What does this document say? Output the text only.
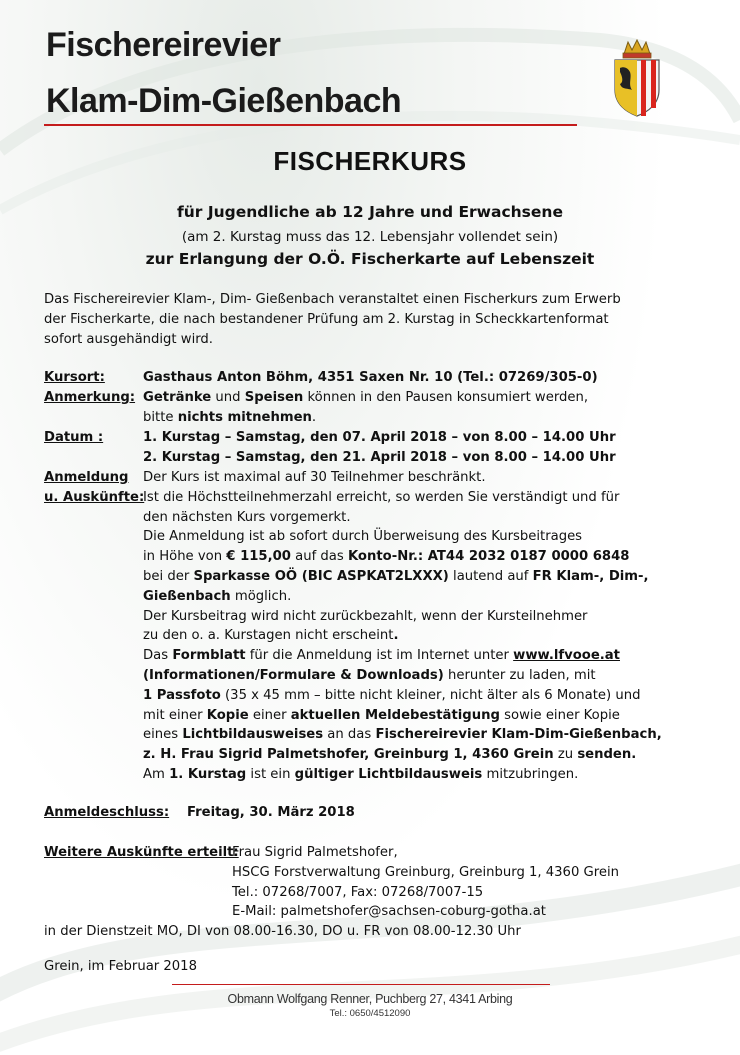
Fischereirevier
Klam-Dim-Gießenbach
FISCHERKURS
für Jugendliche ab 12 Jahre und Erwachsene
(am 2. Kurstag muss das 12. Lebensjahr vollendet sein)
zur Erlangung der O.Ö. Fischerkarte auf Lebenszeit
Das Fischereirevier Klam-, Dim- Gießenbach veranstaltet einen Fischerkurs zum Erwerb
der Fischerkarte, die nach bestandener Prüfung am 2. Kurstag in Scheckkartenformat
sofort ausgehändigt wird.
Kursort:	Gasthaus Anton Böhm, 4351 Saxen Nr. 10 (Tel.: 07269/305-0)
Anmerkung: Getränke und Speisen können in den Pausen konsumiert werden,
bitte nichts mitnehmen.
Datum :	1. Kurstag – Samstag, den 07. April 2018 – von 8.00 – 14.00 Uhr
2. Kurstag – Samstag, den 21. April 2018 – von 8.00 – 14.00 Uhr
Anmeldung
u. Auskünfte:
Der Kurs ist maximal auf 30 Teilnehmer beschränkt.
Ist die Höchstteilnehmerzahl erreicht, so werden Sie verständigt und für
den nächsten Kurs vorgemerkt.
Die Anmeldung ist ab sofort durch Überweisung des Kursbeitrages
in Höhe von € 115,00 auf das Konto-Nr.: AT44 2032 0187 0000 6848
bei der Sparkasse OÖ (BIC ASPKAT2LXXX) lautend auf FR Klam-, Dim-,
Gießenbach möglich.
Der Kursbeitrag wird nicht zurückbezahlt, wenn der Kursteilnehmer
zu den o. a. Kurstagen nicht erscheint.
Das Formblatt für die Anmeldung ist im Internet unter www.lfvooe.at
(Informationen/Formulare & Downloads) herunter zu laden, mit
1 Passfoto (35 x 45 mm – bitte nicht kleiner, nicht älter als 6 Monate) und
mit einer Kopie einer aktuellen Meldebestätigung sowie einer Kopie
eines Lichtbildausweises an das Fischereirevier Klam-Dim-Gießenbach,
z. H. Frau Sigrid Palmetshofer, Greinburg 1, 4360 Grein zu senden.
Am 1. Kurstag ist ein gültiger Lichtbildausweis mitzubringen.
Anmeldeschluss: Freitag, 30. März 2018
Weitere Auskünfte erteilt:
Frau Sigrid Palmetshofer,
HSCG Forstverwaltung Greinburg, Greinburg 1, 4360 Grein
Tel.: 07268/7007, Fax: 07268/7007-15
E-Mail: palmetshofer@sachsen-coburg-gotha.at
in der Dienstzeit MO, DI von 08.00-16.30, DO u. FR von 08.00-12.30 Uhr
Grein, im Februar 2018
Obmann Wolfgang Renner, Puchberg 27, 4341 Arbing
Tel.: 0650/4512090
